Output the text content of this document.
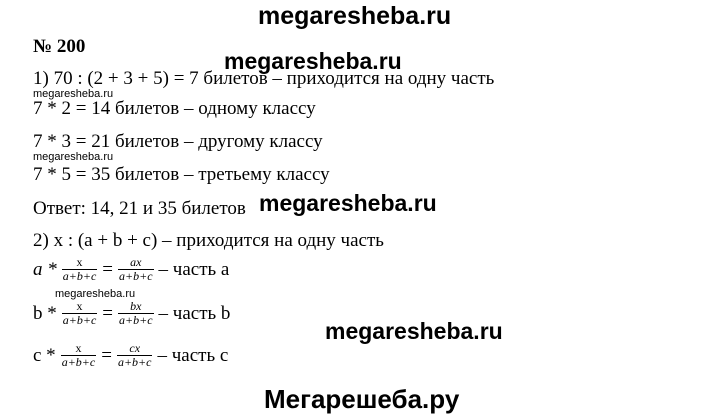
megaresheba.ru
№ 200
megaresheba.ru
1) 70 : (2 + 3 + 5) = 7 билетов – приходится на одну часть
megaresheba.ru
7 * 2 = 14 билетов – одному классу
7 * 3 = 21 билетов – другому классу
megaresheba.ru
7 * 5 = 35 билетов – третьему классу
Ответ: 14, 21 и 35 билетов megaresheba.ru
2) x : (a + b + c) – приходится на одну часть
$a * \frac{x}{a+b+c} = \frac{ax}{a+b+c}$ – часть a
megaresheba.ru
$b * \frac{x}{a+b+c} = \frac{bx}{a+b+c}$ – часть b
megaresheba.ru
$c * \frac{x}{a+b+c} = \frac{cx}{a+b+c}$ – часть c
Мегарешеба.ру
